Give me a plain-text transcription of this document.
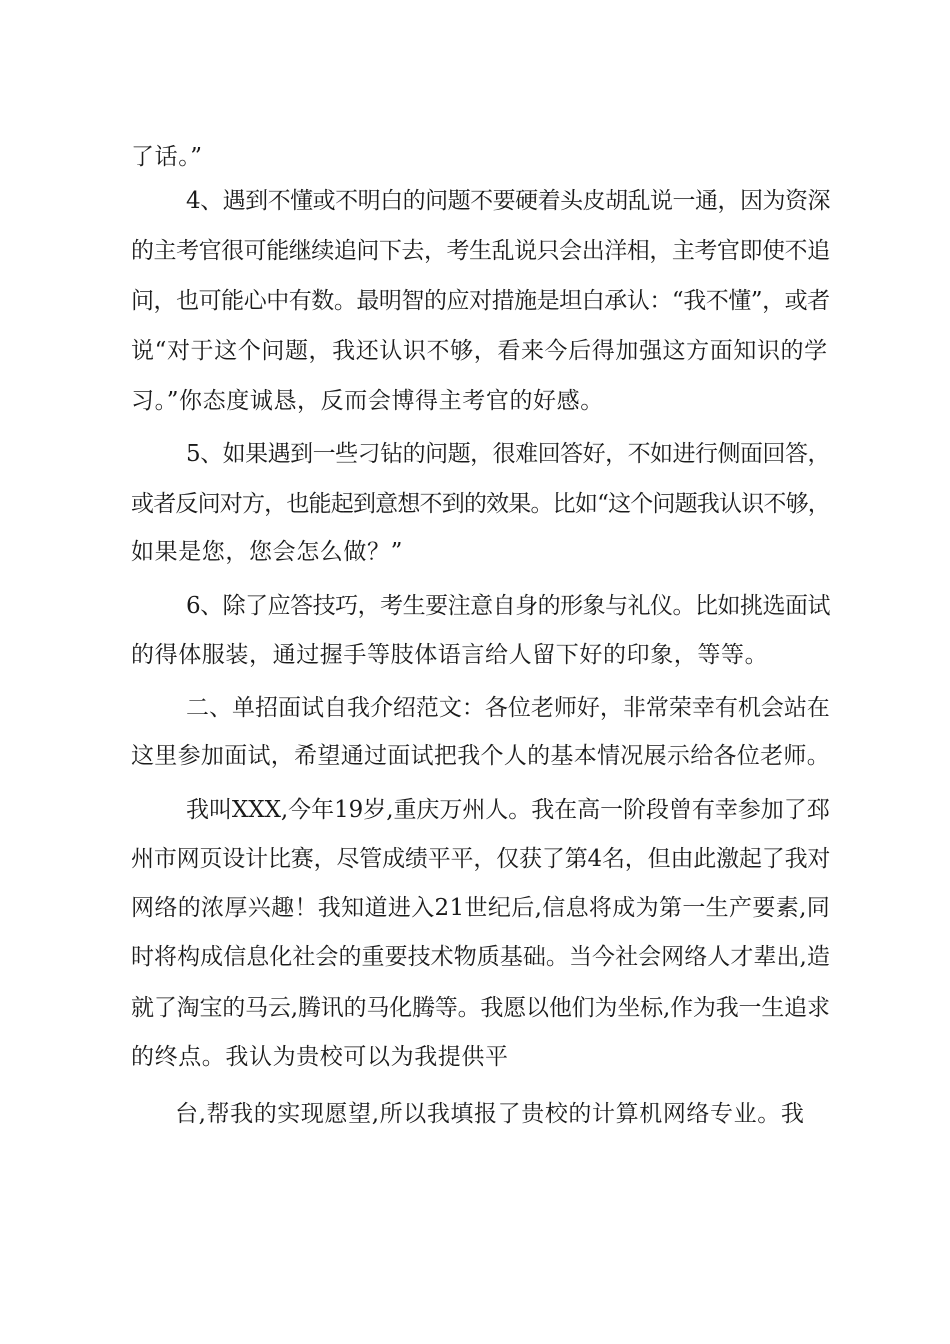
了话。”
4、遇到不懂或不明白的问题不要硬着头皮胡乱说一通，因为资深
的主考官很可能继续追问下去，考生乱说只会出洋相，主考官即使不追
问，也可能心中有数。最明智的应对措施是坦白承认：“我不懂”，或者
说“对于这个问题，我还认识不够，看来今后得加强这方面知识的学
习。”你态度诚恳，反而会博得主考官的好感。
5、如果遇到一些刁钻的问题，很难回答好，不如进行侧面回答，
或者反问对方，也能起到意想不到的效果。比如“这个问题我认识不够，
如果是您，您会怎么做？”
6、除了应答技巧，考生要注意自身的形象与礼仪。比如挑选面试
的得体服装，通过握手等肢体语言给人留下好的印象，等等。
二、单招面试自我介绍范文：各位老师好，非常荣幸有机会站在
这里参加面试，希望通过面试把我个人的基本情况展示给各位老师。
我叫XXX,今年19岁,重庆万州人。我在高一阶段曾有幸参加了邳
州市网页设计比赛，尽管成绩平平，仅获了第4名，但由此激起了我对
网络的浓厚兴趣！我知道进入21世纪后,信息将成为第一生产要素,同
时将构成信息化社会的重要技术物质基础。当今社会网络人才辈出,造
就了淘宝的马云,腾讯的马化腾等。我愿以他们为坐标,作为我一生追求
的终点。我认为贵校可以为我提供平
台,帮我的实现愿望,所以我填报了贵校的计算机网络专业。我
